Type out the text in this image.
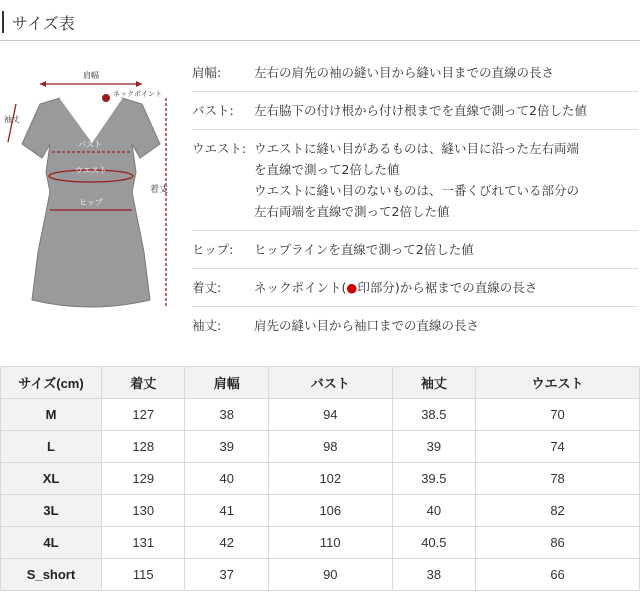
サイズ表
肩幅
ネックポイント
袖丈
バスト
ウエスト
ヒップ
着丈
肩幅:	左右の肩先の袖の縫い目から縫い目までの直線の長さ
バスト:	左右脇下の付け根から付け根までを直線で測って2倍した値
ウエスト: ウエストに縫い目があるものは、縫い目に沿った左右両端
を直線で測って2倍した値
ウエストに縫い目のないものは、一番くびれている部分の
左右両端を直線で測って2倍した値
ヒップ:	ヒップラインを直線で測って2倍した値
着丈:	ネックポイント(●印部分)から裾までの直線の長さ
袖丈:	肩先の縫い目から袖口までの直線の長さ
サイズ(cm)	着丈	肩幅	バスト	袖丈	ウエスト
M	127	38	94	38.5	70
L	128	39	98	39	74
XL	129	40	102	39.5	78
3L	130	41	106	40	82
4L	131	42	110	40.5	86
S_short	115	37	90	38	66
